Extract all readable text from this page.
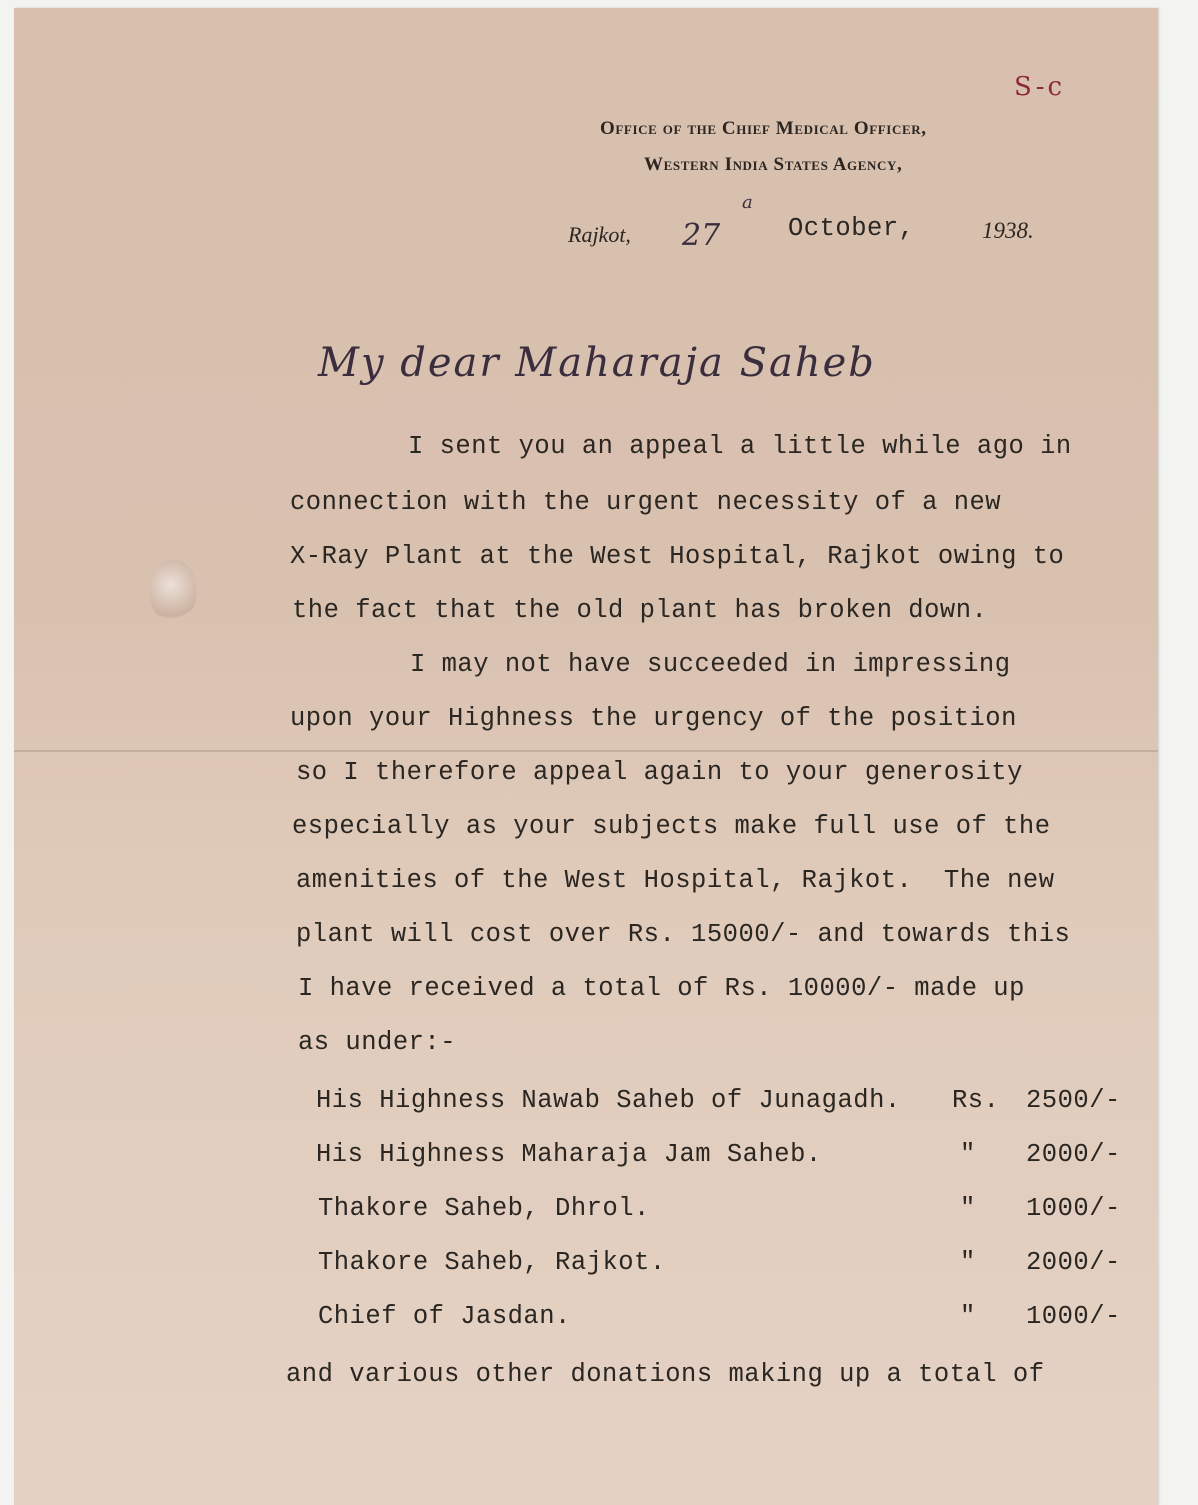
S-c
Office of the Chief Medical Officer,
Western India States Agency,
Rajkot, 27
a
October,	1938.
My dear Maharaja Saheb
I sent you an appeal a little while ago in
connection with the urgent necessity of a new
X-Ray Plant at the West Hospital, Rajkot owing to
the fact that the old plant has broken down.
I may not have succeeded in impressing
upon your Highness the urgency of the position
so I therefore appeal again to your generosity
especially as your subjects make full use of the
amenities of the West Hospital, Rajkot.  The new
plant will cost over Rs. 15000/- and towards this
I have received a total of Rs. 10000/- made up
as under:-
His Highness Nawab Saheb of Junagadh. Rs. 2500/-
His Highness Maharaja Jam Saheb.	" 2000/-
Thakore Saheb, Dhrol.	" 1000/-
Thakore Saheb, Rajkot.	" 2000/-
Chief of Jasdan.	" 1000/-
and various other donations making up a total of
